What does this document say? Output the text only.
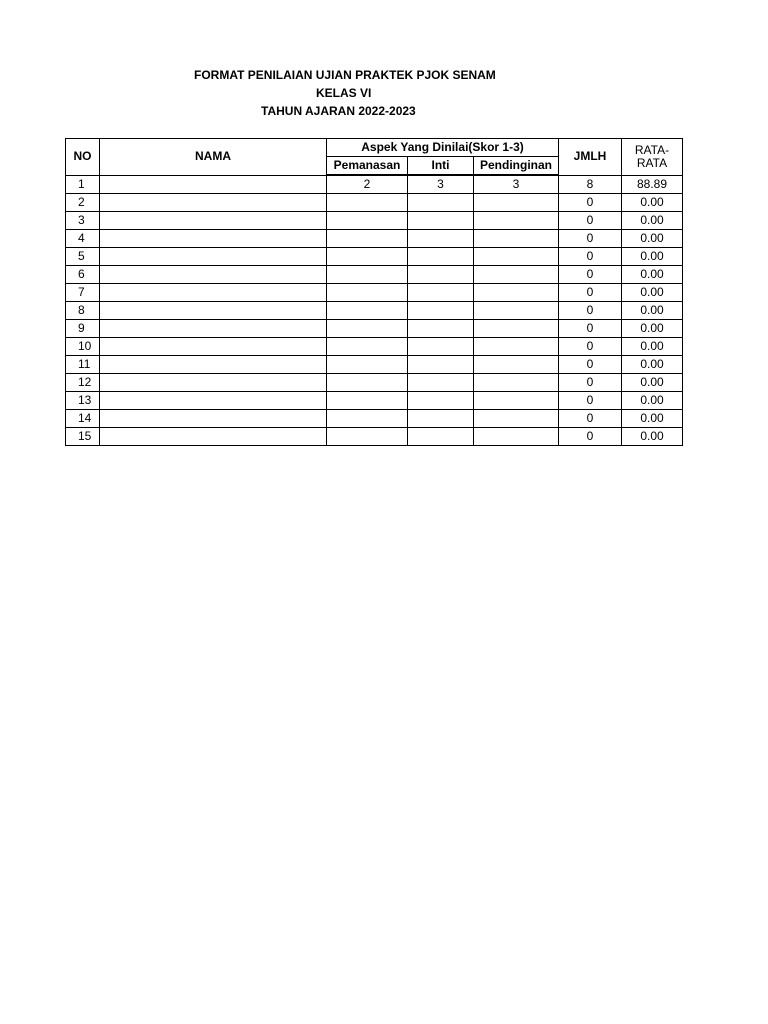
FORMAT PENILAIAN UJIAN PRAKTEK PJOK SENAM
KELAS VI
TAHUN AJARAN 2022-2023
NO	NAMA	Aspek Yang Dinilai(Skor 1-3)			JMLH	RATA-RATA
		Pemanasan	Inti	Pendinginan		
1		2	3	3	8	88.89
2					0	0.00
3					0	0.00
4					0	0.00
5					0	0.00
6					0	0.00
7					0	0.00
8					0	0.00
9					0	0.00
10					0	0.00
11					0	0.00
12					0	0.00
13					0	0.00
14					0	0.00
15					0	0.00
